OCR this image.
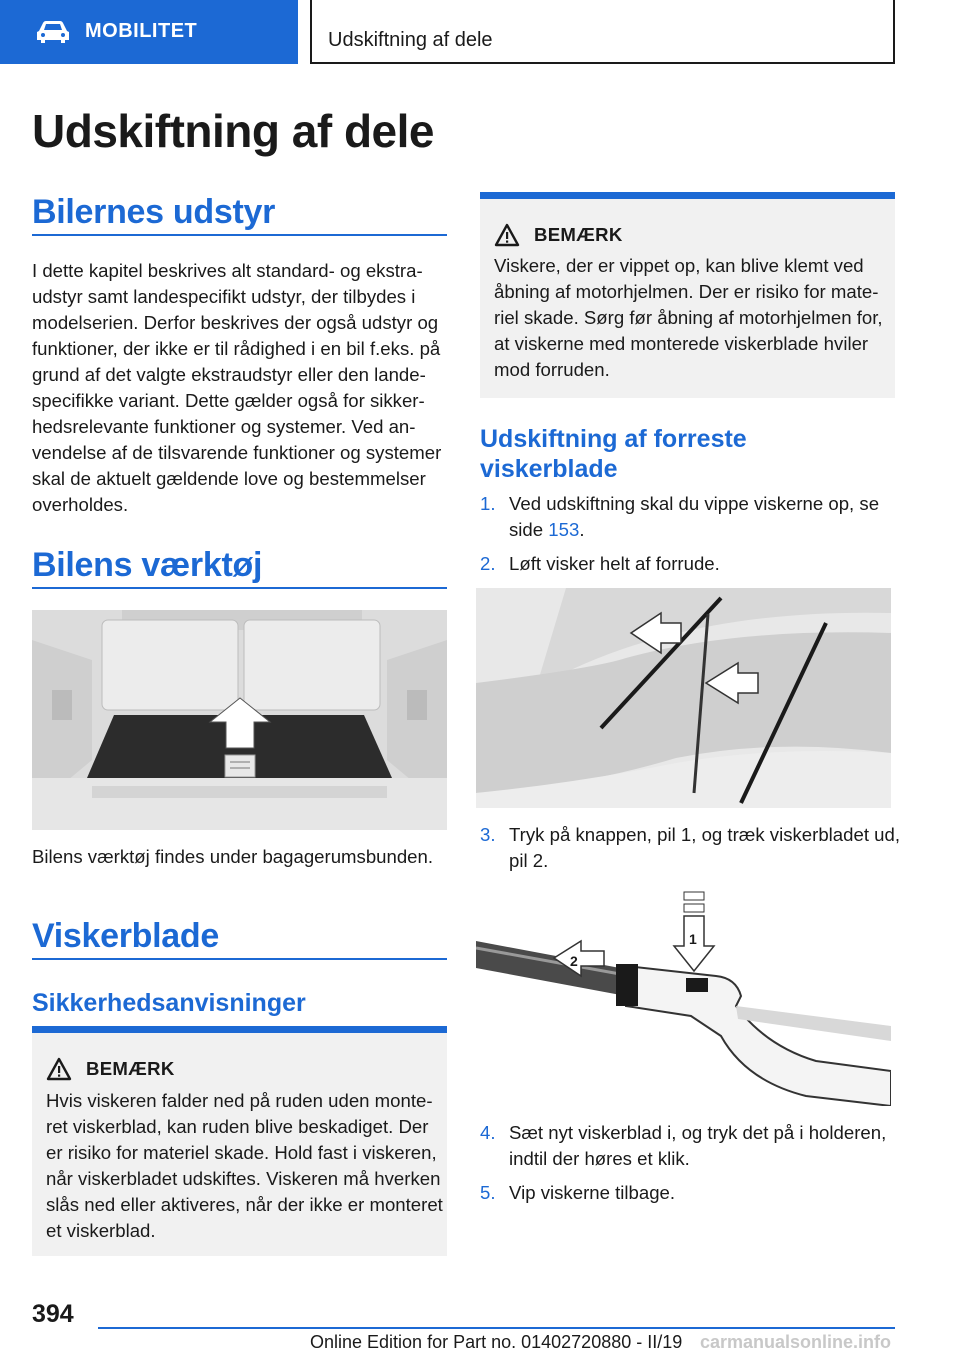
MOBILITET	Udskiftning af dele
Udskiftning af dele
Bilernes udstyr

I dette kapitel beskrives alt standard- og ekstraudstyr samt landespecifikt udstyr, der tilbydes i modelserien. Derfor beskrives der også udstyr og funktioner, der ikke er til rådighed i en bil f.eks. på grund af det valgte ekstraudstyr eller den landespecifikke variant. Dette gælder også for sikkerhedsrelevante funktioner og systemer. Ved anvendelse af de tilsvarende funktioner og systemer skal de aktuelt gældende love og bestemmelser overholdes.

Bilens værktøj

Bilens værktøj findes under bagagerumsbunden.

Viskerblade
Sikkerhedsanvisninger
BEMÆRK

Hvis viskeren falder ned på ruden uden monteret viskerblad, kan ruden blive beskadiget. Der er risiko for materiel skade. Hold fast i viskeren, når viskerbladet udskiftes. Viskeren må hverken slås ned eller aktiveres, når der ikke er monteret et viskerblad.

BEMÆRK

Viskere, der er vippet op, kan blive klemt ved åbning af motorhjelmen. Der er risiko for materiel skade. Sørg før åbning af motorhjelmen for, at viskerne med monterede viskerblade hviler mod forruden.

Udskiftning af forreste viskerblade
1. Ved udskiftning skal du vippe viskerne op, se side 153.
2. Løft visker helt af forrude.
3. Tryk på knappen, pil 1, og træk viskerbladet ud, pil 2.
2
1
4. Sæt nyt viskerblad i, og tryk det på i holderen, indtil der høres et klik.
5. Vip viskerne tilbage.
394
Online Edition for Part no. 01402720880 - II/19 carmanualsonline.info
